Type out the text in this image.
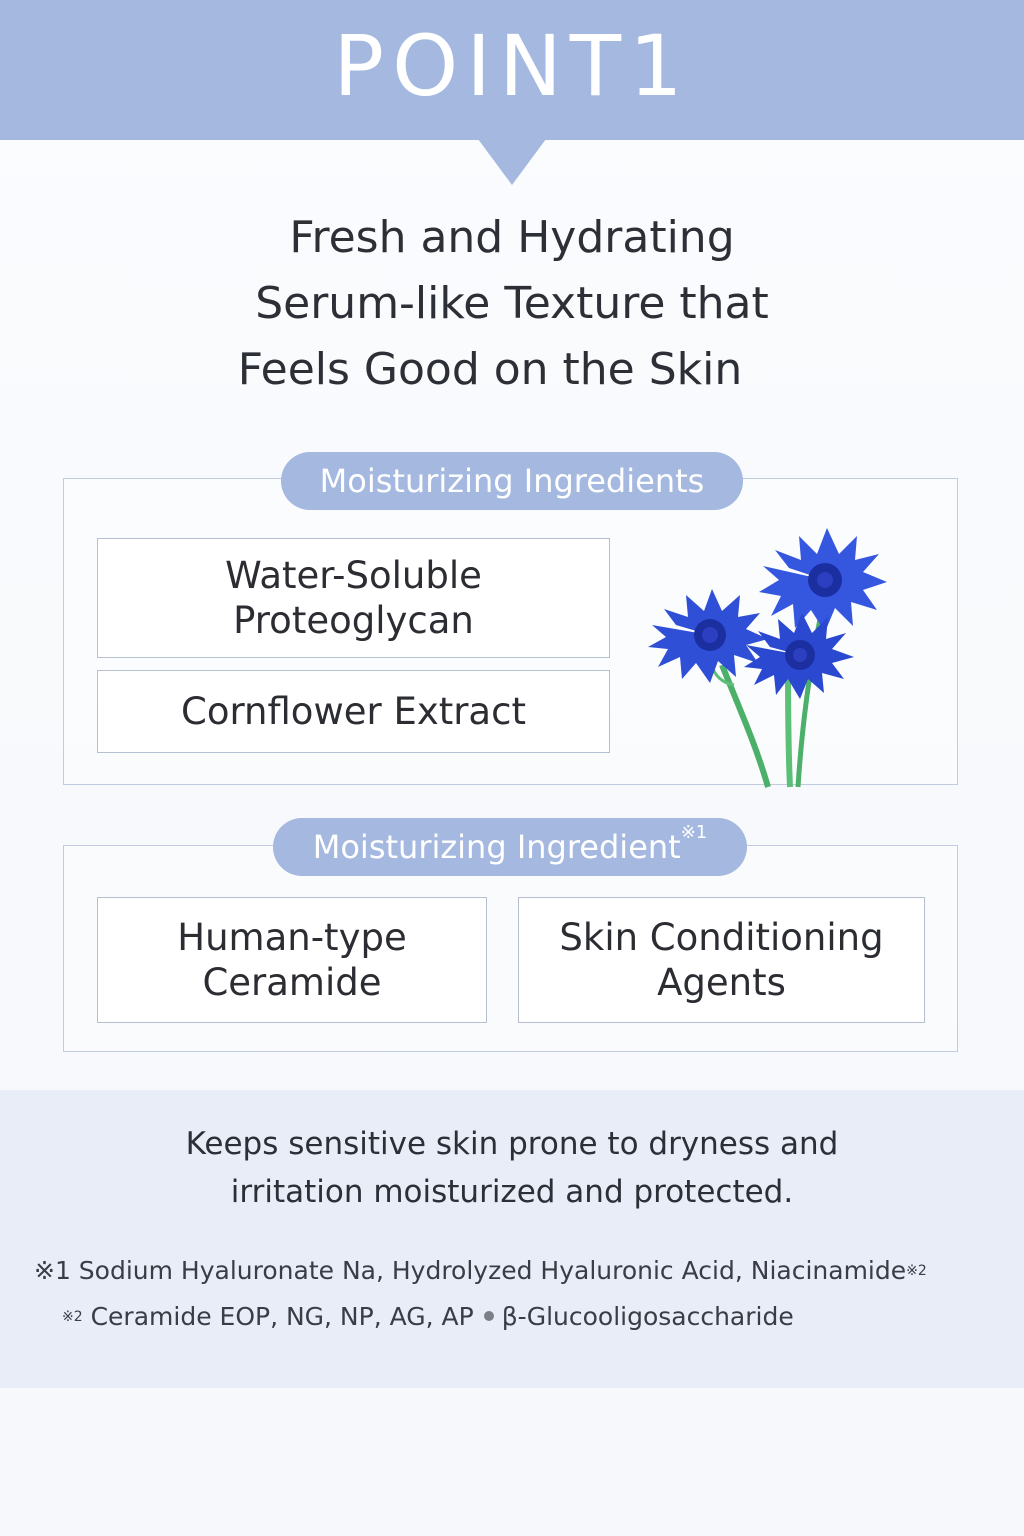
POINT1
Fresh and Hydrating
Serum-like Texture that
Feels Good on the Skin
Moisturizing Ingredients
Water-Soluble
Proteoglycan
Cornflower Extract
Moisturizing Ingredient$^{※1}$
Human-type
Ceramide
Skin Conditioning
Agents
Keeps sensitive skin prone to dryness and
irritation moisturized and protected.
※1 Sodium Hyaluronate Na, Hydrolyzed Hyaluronic Acid, Niacinamide$^{※2}$
$^{※2}$ Ceramide EOP, NG, NP, AG, AP β-Glucooligosaccharide
